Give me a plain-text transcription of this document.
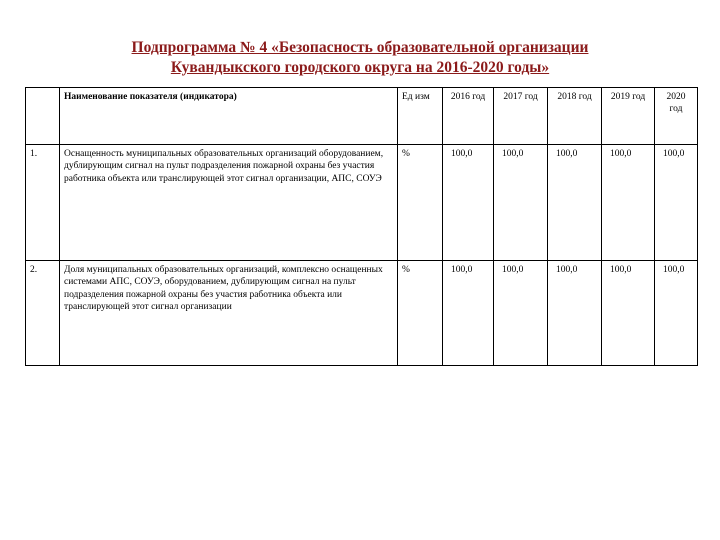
Подпрограмма № 4 «Безопасность образовательной организации
Кувандыкского городского округа на 2016-2020 годы»
	Наименование показателя (индикатора)	Ед изм	2016 год	2017 год	2018 год	2019 год	2020 год
1.	Оснащенность муниципальных образовательных организаций оборудованием, дублирующим сигнал на пульт подразделения пожарной охраны без участия работника объекта или транслирующей этот сигнал организации, АПС, СОУЭ	%	100,0	100,0	100,0	100,0	100,0
2.	Доля муниципальных образовательных организаций, комплексно оснащенных системами АПС, СОУЭ, оборудованием, дублирующим сигнал на пульт подразделения пожарной охраны без участия работника объекта или транслирующей этот сигнал организации	%	100,0	100,0	100,0	100,0	100,0
